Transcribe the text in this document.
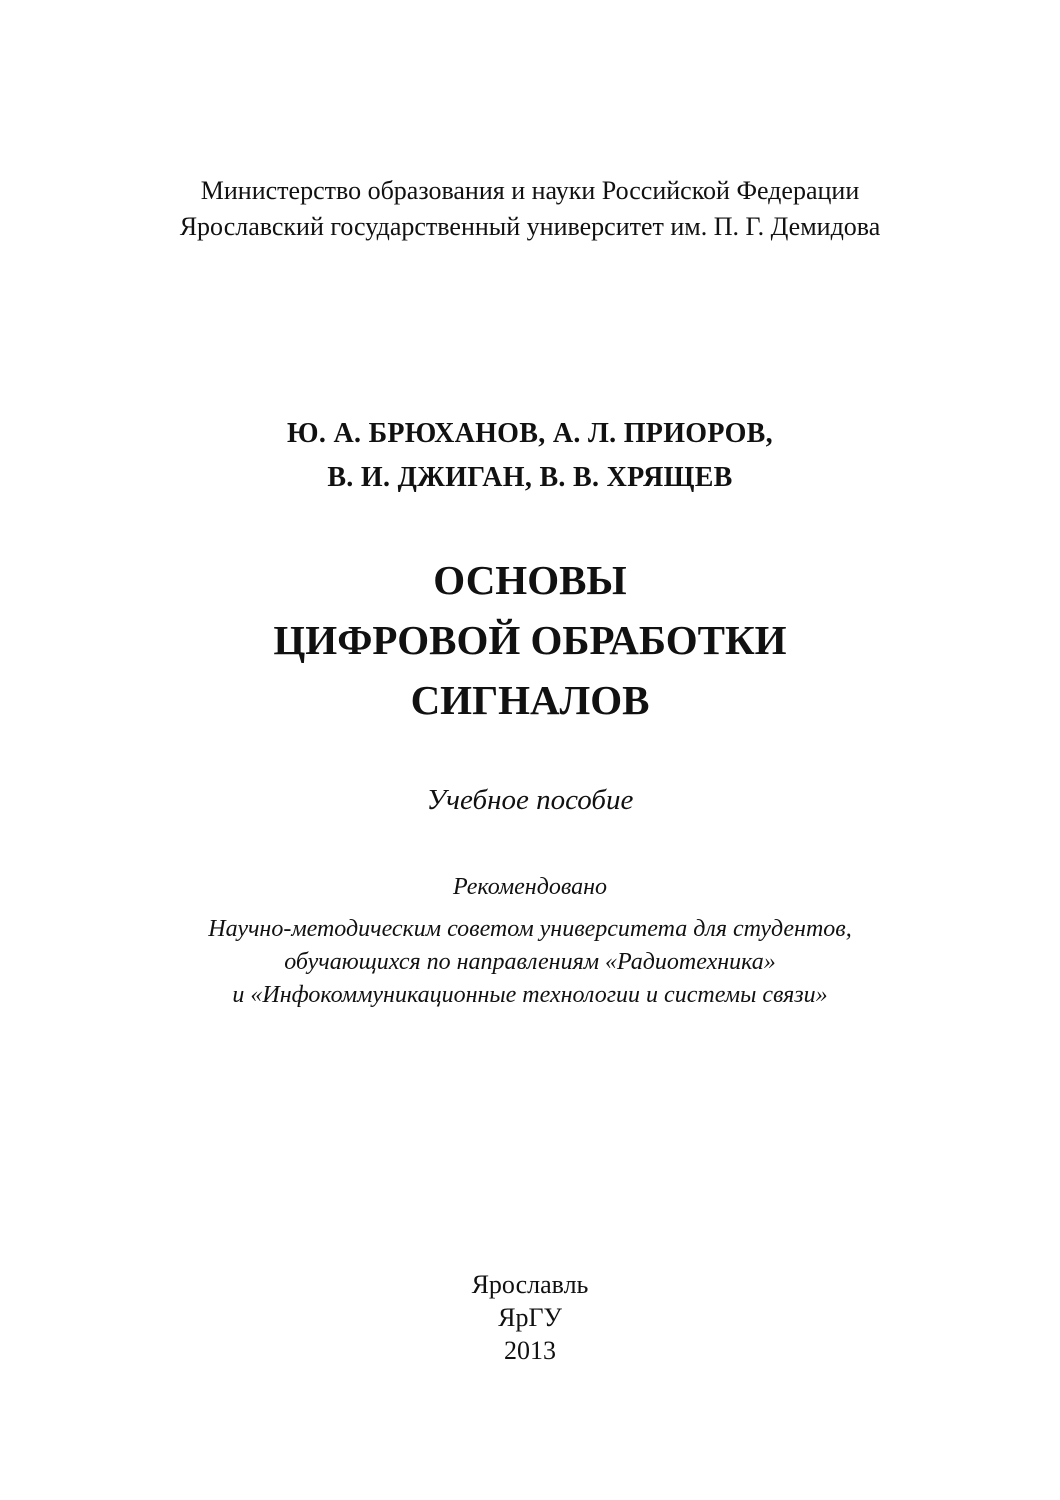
Министерство образования и науки Российской Федерации
Ярославский государственный университет им. П. Г. Демидова
Ю. А. БРЮХАНОВ, А. Л. ПРИОРОВ,
В. И. ДЖИГАН, В. В. ХРЯЩЕВ
ОСНОВЫ
ЦИФРОВОЙ ОБРАБОТКИ
СИГНАЛОВ
Учебное пособие
Рекомендовано
Научно-методическим советом университета для студентов,
обучающихся по направлениям «Радиотехника»
и «Инфокоммуникационные технологии и системы связи»
Ярославль
ЯрГУ
2013
